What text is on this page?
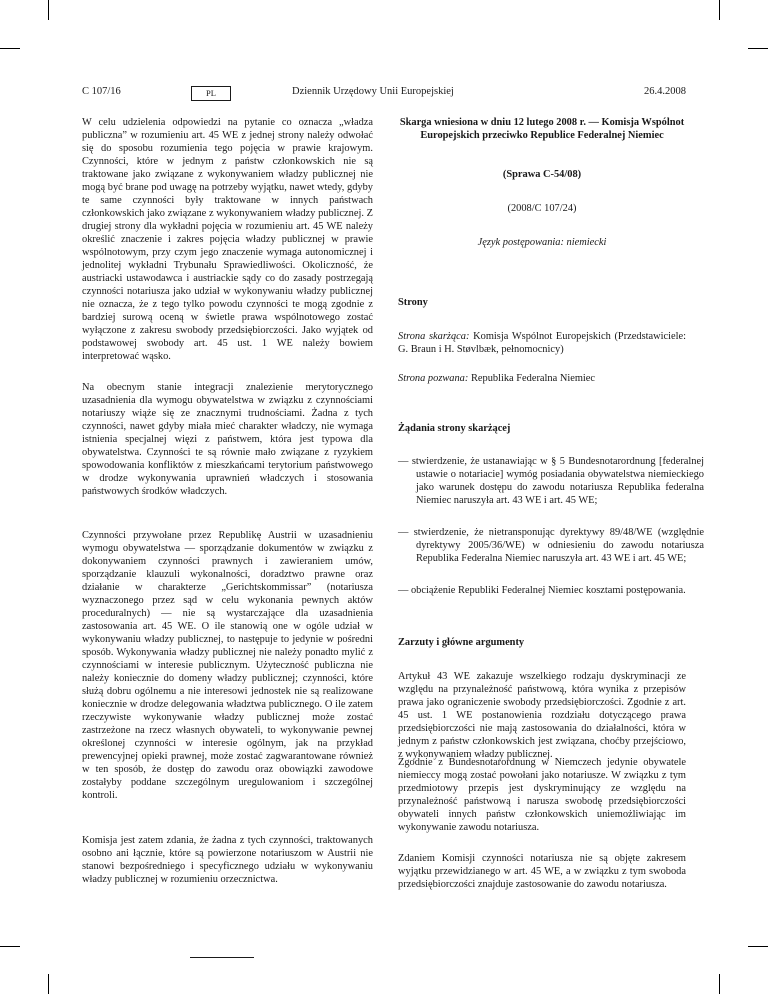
C 107/16	PL	Dziennik Urzędowy Unii Europejskiej	26.4.2008

W celu udzielenia odpowiedzi na pytanie co oznacza „władza publiczna” w rozumieniu art. 45 WE z jednej strony należy odwołać się do sposobu rozumienia tego pojęcia w prawie krajowym. Czynności, które w jednym z państw członkowskich nie są traktowane jako związane z wykonywaniem władzy publicznej nie mogą być brane pod uwagę na potrzeby wyjątku, nawet wtedy, gdyby te same czynności były traktowane w innych państwach członkowskich jako związane z wykonywaniem władzy publicznej. Z drugiej strony dla wykładni pojęcia w rozumieniu art. 45 WE należy określić znaczenie i zakres pojęcia władzy publicznej w prawie wspólnotowym, przy czym jego znaczenie wymaga autonomicznej i jednolitej wykładni Trybunału Sprawiedliwości. Okoliczność, że austriacki ustawodawca i austriackie sądy co do zasady postrzegają czynności notariusza jako udział w wykonywaniu władzy publicznej nie oznacza, że z tego tylko powodu czynności te mogą zgodnie z bardziej surową oceną w świetle prawa wspólnotowego zostać wyłączone z zakresu swobody przedsiębiorczości. Jako wyjątek od podstawowej swobody art. 45 ust. 1 WE należy bowiem interpretować wąsko.

Na obecnym stanie integracji znalezienie merytorycznego uzasadnienia dla wymogu obywatelstwa w związku z czynnościami notariuszy wiąże się ze znacznymi trudnościami. Żadna z tych czynności, nawet gdyby miała mieć charakter władczy, nie wymaga istnienia specjalnej więzi z państwem, która jest typowa dla obywatelstwa. Czynności te są równie mało związane z ryzykiem spowodowania konfliktów z mieszkańcami terytorium państwowego w drodze wykonywania uprawnień władczych i stosowania państwowych środków władczych.

Czynności przywołane przez Republikę Austrii w uzasadnieniu wymogu obywatelstwa — sporządzanie dokumentów w związku z dokonywaniem czynności prawnych i zawieraniem umów, sporządzanie klauzuli wykonalności, doradztwo prawne oraz działanie w charakterze „Gerichtskommissar” (notariusza wyznaczonego przez sąd w celu wykonania pewnych aktów proceduralnych) — nie są wystarczające dla uzasadnienia zastosowania art. 45 WE. O ile stanowią one w ogóle udział w wykonywaniu władzy publicznej, to następuje to jedynie w pośredni sposób. Wykonywania władzy publicznej nie należy ponadto mylić z czynnościami w interesie publicznym. Użyteczność publiczna nie należy koniecznie do domeny władzy publicznej; czynności, które służą dobru ogólnemu a nie interesowi jednostek nie są realizowane koniecznie w drodze delegowania władztwa publicznego. O ile zatem rzeczywiste wykonywanie władzy publicznej może zostać zastrzeżone na rzecz własnych obywateli, to wykonywanie pewnej określonej czynności w interesie ogólnym, jak na przykład prewencyjnej opieki prawnej, może zostać zagwarantowane również w ten sposób, że dostęp do zawodu oraz obowiązki zawodowe zostałyby poddane szczególnym uregulowaniom i szczególnej kontroli.

Komisja jest zatem zdania, że żadna z tych czynności, traktowanych osobno ani łącznie, które są powierzone notariuszom w Austrii nie stanowi bezpośredniego i specyficznego udziału w wykonywaniu władzy publicznej w rozumieniu orzecznictwa.

Skarga wniesiona w dniu 12 lutego 2008 r. — Komisja Wspólnot Europejskich przeciwko Republice Federalnej Niemiec

(Sprawa C-54/08)

(2008/C 107/24)

Język postępowania: niemiecki

Strony

Strona skarżąca: Komisja Wspólnot Europejskich (Przedstawiciele: G. Braun i H. Støvlbæk, pełnomocnicy)

Strona pozwana: Republika Federalna Niemiec

Żądania strony skarżącej

— stwierdzenie, że ustanawiając w § 5 Bundesnotarordnung [federalnej ustawie o notariacie] wymóg posiadania obywatelstwa niemieckiego jako warunek dostępu do zawodu notariusza Republika federalna Niemiec naruszyła art. 43 WE i art. 45 WE;

— stwierdzenie, że nietransponując dyrektywy 89/48/WE (względnie dyrektywy 2005/36/WE) w odniesieniu do zawodu notariusza Republika Federalna Niemiec naruszyła art. 43 WE i art. 45 WE;

— obciążenie Republiki Federalnej Niemiec kosztami postępowania.

Zarzuty i główne argumenty

Artykuł 43 WE zakazuje wszelkiego rodzaju dyskryminacji ze względu na przynależność państwową, która wynika z przepisów prawa jako ograniczenie swobody przedsiębiorczości. Zgodnie z art. 45 ust. 1 WE postanowienia rozdziału dotyczącego prawa przedsiębiorczości nie mają zastosowania do działalności, która w jednym z państw członkowskich jest związana, choćby przejściowo, z wykonywaniem władzy publicznej.

Zgodnie z Bundesnotarordnung w Niemczech jedynie obywatele niemieccy mogą zostać powołani jako notariusze. W związku z tym przedmiotowy przepis jest dyskryminujący ze względu na przynależność państwową i narusza swobodę przedsiębiorczości obywateli innych państw członkowskich uniemożliwiając im wykonywanie zawodu notariusza.

Zdaniem Komisji czynności notariusza nie są objęte zakresem wyjątku przewidzianego w art. 45 WE, a w związku z tym swoboda przedsiębiorczości znajduje zastosowanie do zawodu notariusza.
